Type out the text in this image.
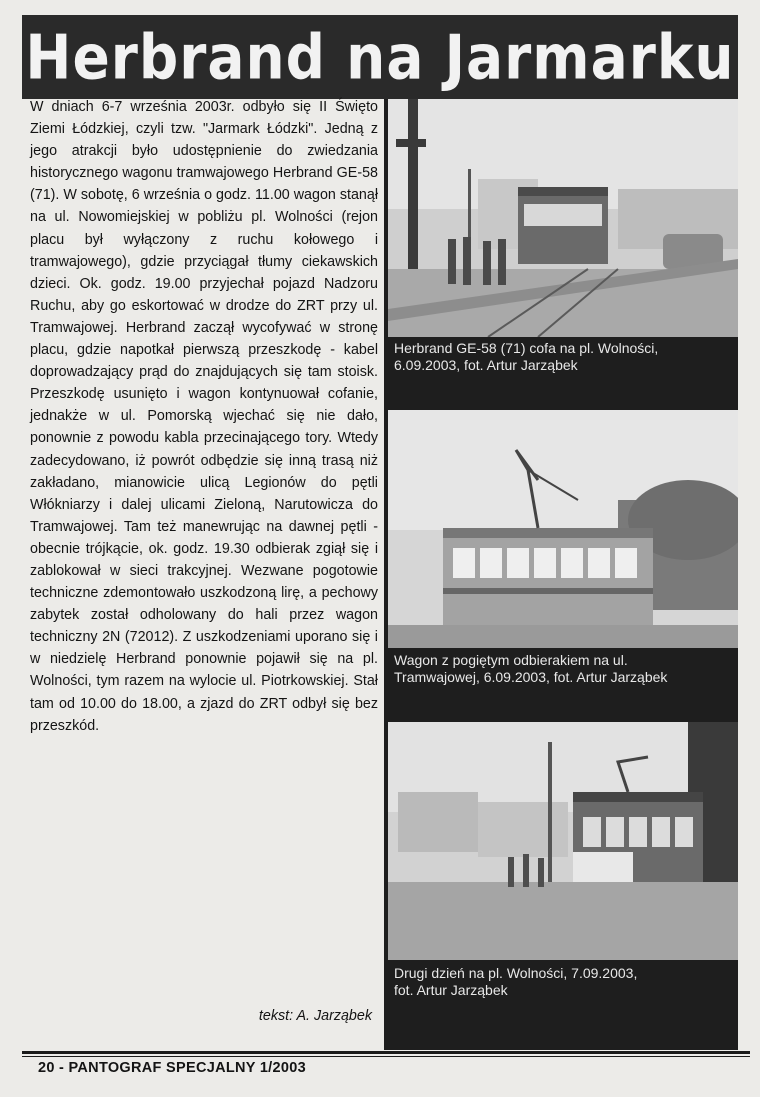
Herbrand na Jarmarku

W dniach 6-7 września 2003r. odbyło się II Święto Ziemi Łódzkiej, czyli tzw. "Jarmark Łódzki". Jedną z jego atrakcji było udostępnienie do zwiedzania historycznego wagonu tramwajowego Herbrand GE-58 (71). W sobotę, 6 września o godz. 11.00 wagon stanął na ul. Nowomiejskiej w pobliżu pl. Wolności (rejon placu był wyłączony z ruchu kołowego i tramwajowego), gdzie przyciągał tłumy ciekawskich dzieci. Ok. godz. 19.00 przyjechał pojazd Nadzoru Ruchu, aby go eskortować w drodze do ZRT przy ul. Tramwajowej. Herbrand zaczął wycofywać w stronę placu, gdzie napotkał pierwszą przeszkodę - kabel doprowadzający prąd do znajdujących się tam stoisk. Przeszkodę usunięto i wagon kontynuował cofanie, jednakże w ul. Pomorską wjechać się nie dało, ponownie z powodu kabla przecinającego tory. Wtedy zadecydowano, iż powrót odbędzie się inną trasą niż zakładano, mianowicie ulicą Legionów do pętli Włókniarzy i dalej ulicami Zieloną, Narutowicza do Tramwajowej. Tam też manewrując na dawnej pętli - obecnie trójkącie, ok. godz. 19.30 odbierak zgiął się i zablokował w sieci trakcyjnej. Wezwane pogotowie techniczne zdemontowało uszkodzoną lirę, a pechowy zabytek został odholowany do hali przez wagon techniczny 2N (72012). Z uszkodzeniami uporano się i w niedzielę Herbrand ponownie pojawił się na pl. Wolności, tym razem na wylocie ul. Piotrkowskiej. Stał tam od 10.00 do 18.00, a zjazd do ZRT odbył się bez przeszkód.

tekst: A. Jarząbek
Herbrand GE-58 (71) cofa na pl. Wolności,
6.09.2003, fot. Artur Jarząbek
Wagon z pogiętym odbierakiem na ul.
Tramwajowej, 6.09.2003, fot. Artur Jarząbek
Drugi dzień na pl. Wolności, 7.09.2003,
fot. Artur Jarząbek
20 - PANTOGRAF SPECJALNY 1/2003
